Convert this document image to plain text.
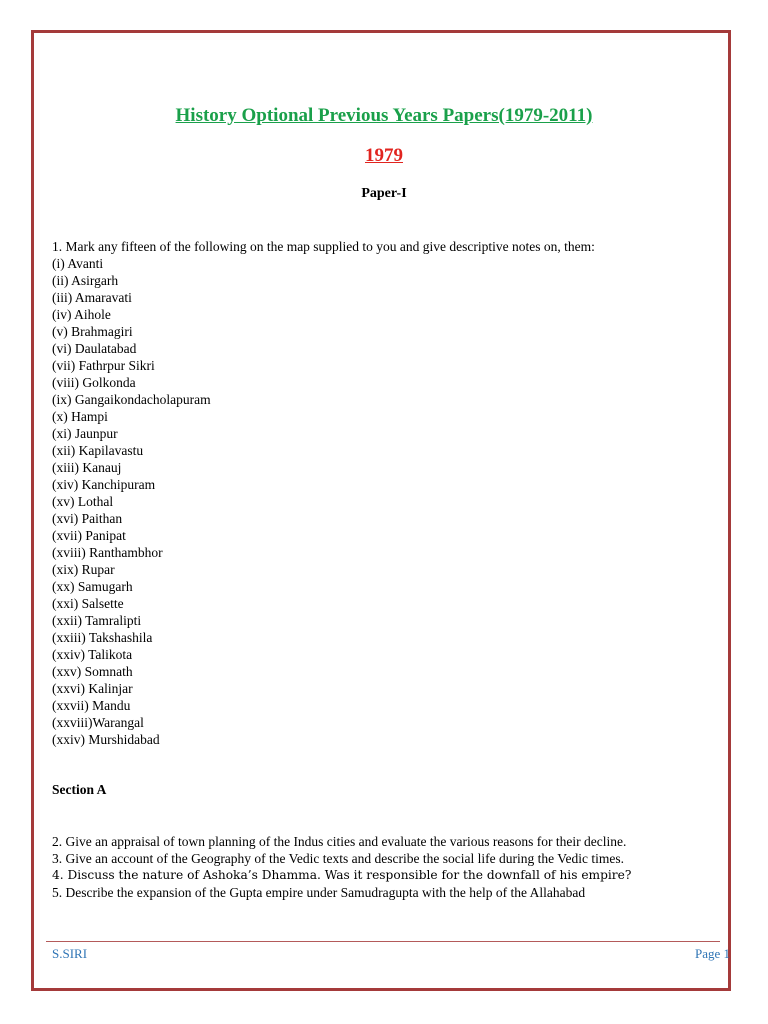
History Optional Previous Years Papers(1979-2011)
1979
Paper-I
1. Mark any fifteen of the following on the map supplied to you and give descriptive notes on, them:
(i) Avanti
(ii) Asirgarh
(iii) Amaravati
(iv) Aihole
(v) Brahmagiri
(vi) Daulatabad
(vii) Fathrpur Sikri
(viii) Golkonda
(ix) Gangaikondacholapuram
(x) Hampi
(xi) Jaunpur
(xii) Kapilavastu
(xiii) Kanauj
(xiv) Kanchipuram
(xv) Lothal
(xvi) Paithan
(xvii) Panipat
(xviii) Ranthambhor
(xix) Rupar
(xx) Samugarh
(xxi) Salsette
(xxii) Tamralipti
(xxiii) Takshashila
(xxiv) Talikota
(xxv) Somnath
(xxvi) Kalinjar
(xxvii) Mandu
(xxviii)Warangal
(xxiv) Murshidabad
Section A
2. Give an appraisal of town planning of the Indus cities and evaluate the various reasons for their decline.
3. Give an account of the Geography of the Vedic texts and describe the social life during the Vedic times.
4. Discuss the nature of Ashoka’s Dhamma. Was it responsible for the downfall of his empire?
5. Describe the expansion of the Gupta empire under Samudragupta with the help of the Allahabad
S.SIRI	Page 1
